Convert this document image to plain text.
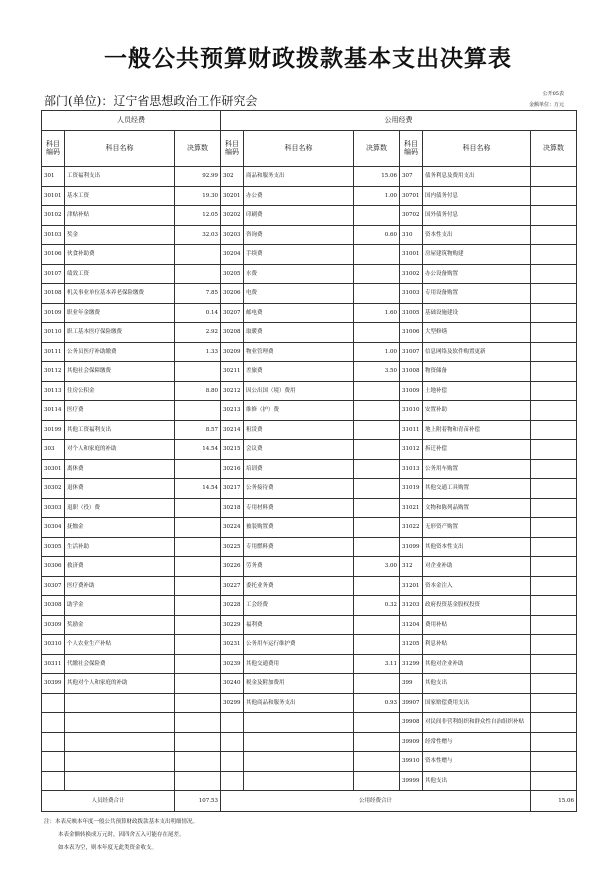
一般公共预算财政拨款基本支出决算表
部门(单位)：辽宁省思想政治工作研究会	公开05表
金额单位：万元
人员经费			公用经费					
科目编码	科目名称	决算数	科目编码	科目名称	决算数	科目编码	科目名称	决算数
301	工资福利支出	92.99	302	商品和服务支出	15.06	307	债务利息及费用支出	
30101	基本工资	19.30	30201	办公费	1.00	30701	国内债务付息	
30102	津贴补贴	12.05	30202	印刷费		30702	国外债务付息	
30103	奖金	32.03	30203	咨询费	0.60	310	资本性支出	
30106	伙食补助费		30204	手续费		31001	房屋建筑物购建	
30107	绩效工资		30205	水费		31002	办公设备购置	
30108	机关事业单位基本养老保险缴费	7.85	30206	电费		31003	专用设备购置	
30109	职业年金缴费	0.14	30207	邮电费	1.60	31005	基础设施建设	
30110	职工基本医疗保险缴费	2.92	30208	取暖费		31006	大型修缮	
30111	公务员医疗补助缴费	1.33	30209	物业管理费	1.00	31007	信息网络及软件购置更新	
30112	其他社会保障缴费		30211	差旅费	3.50	31008	物资储备	
30113	住房公积金	8.80	30212	因公出国（境）费用		31009	土地补偿	
30114	医疗费		30213	维修（护）费		31010	安置补助	
30199	其他工资福利支出	8.57	30214	租赁费		31011	地上附着物和青苗补偿	
303	对个人和家庭的补助	14.54	30215	会议费		31012	拆迁补偿	
30301	离休费		30216	培训费		31013	公务用车购置	
30302	退休费	14.54	30217	公务接待费		31019	其他交通工具购置	
30303	退职（役）费		30218	专用材料费		31021	文物和陈列品购置	
30304	抚恤金		30224	被装购置费		31022	无形资产购置	
30305	生活补助		30225	专用燃料费		31099	其他资本性支出	
30306	救济费		30226	劳务费	3.00	312	对企业补助	
30307	医疗费补助		30227	委托业务费		31201	资本金注入	
30308	助学金		30228	工会经费	0.32	31203	政府投资基金股权投资	
30309	奖励金		30229	福利费		31204	费用补贴	
30310	个人农业生产补贴		30231	公务用车运行维护费		31205	利息补贴	
30311	代缴社会保险费		30239	其他交通费用	3.11	31299	其他对企业补助	
30399	其他对个人和家庭的补助		30240	税金及附加费用		399	其他支出	
			30299	其他商品和服务支出	0.93	39907	国家赔偿费用支出	
						39908	对民间非营利组织和群众性自治组织补贴	
						39909	经常性赠与	
						39910	资本性赠与	
						39999	其他支出	
人员经费合计		107.53	公用经费合计					15.06
注：本表反映本年度一般公共预算财政拨款基本支出明细情况。
本表金额转换成万元时，因四舍五入可能存在尾差。
如本表为空，则本年度无此类资金收支。
